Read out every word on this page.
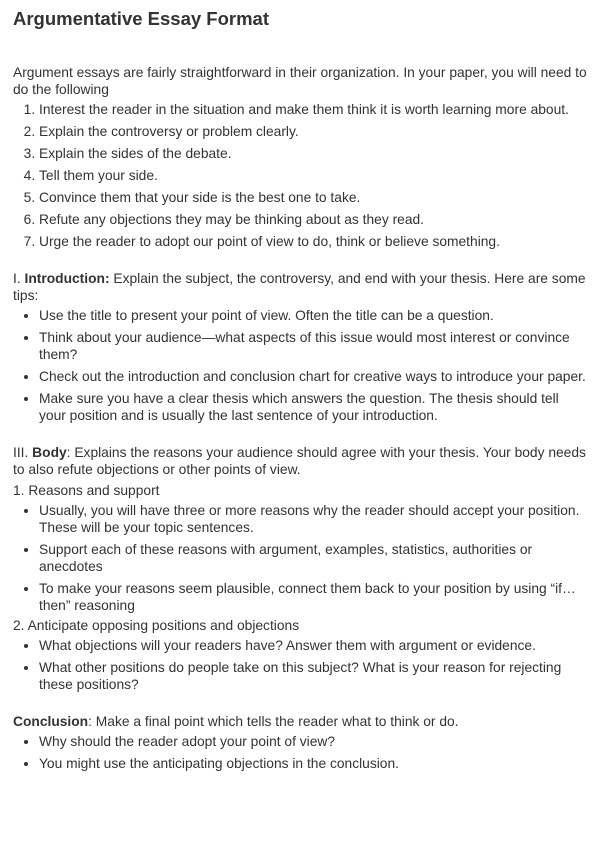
Argumentative Essay Format

Argument essays are fairly straightforward in their organization. In your paper, you will need to do the following

1. Interest the reader in the situation and make them think it is worth learning more about.
2. Explain the controversy or problem clearly.
3. Explain the sides of the debate.
4. Tell them your side.
5. Convince them that your side is the best one to take.
6. Refute any objections they may be thinking about as they read.
7. Urge the reader to adopt our point of view to do, think or believe something.

I. Introduction: Explain the subject, the controversy, and end with your thesis. Here are some tips:

• Use the title to present your point of view. Often the title can be a question.
• Think about your audience—what aspects of this issue would most interest or convince them?
• Check out the introduction and conclusion chart for creative ways to introduce your paper.
• Make sure you have a clear thesis which answers the question. The thesis should tell your position and is usually the last sentence of your introduction.

III. Body: Explains the reasons your audience should agree with your thesis. Your body needs to also refute objections or other points of view.

1. Reasons and support

• Usually, you will have three or more reasons why the reader should accept your position. These will be your topic sentences.
• Support each of these reasons with argument, examples, statistics, authorities or anecdotes
• To make your reasons seem plausible, connect them back to your position by using “if…then” reasoning

2. Anticipate opposing positions and objections

• What objections will your readers have? Answer them with argument or evidence.
• What other positions do people take on this subject? What is your reason for rejecting these positions?

Conclusion: Make a final point which tells the reader what to think or do.

• Why should the reader adopt your point of view?
• You might use the anticipating objections in the conclusion.
